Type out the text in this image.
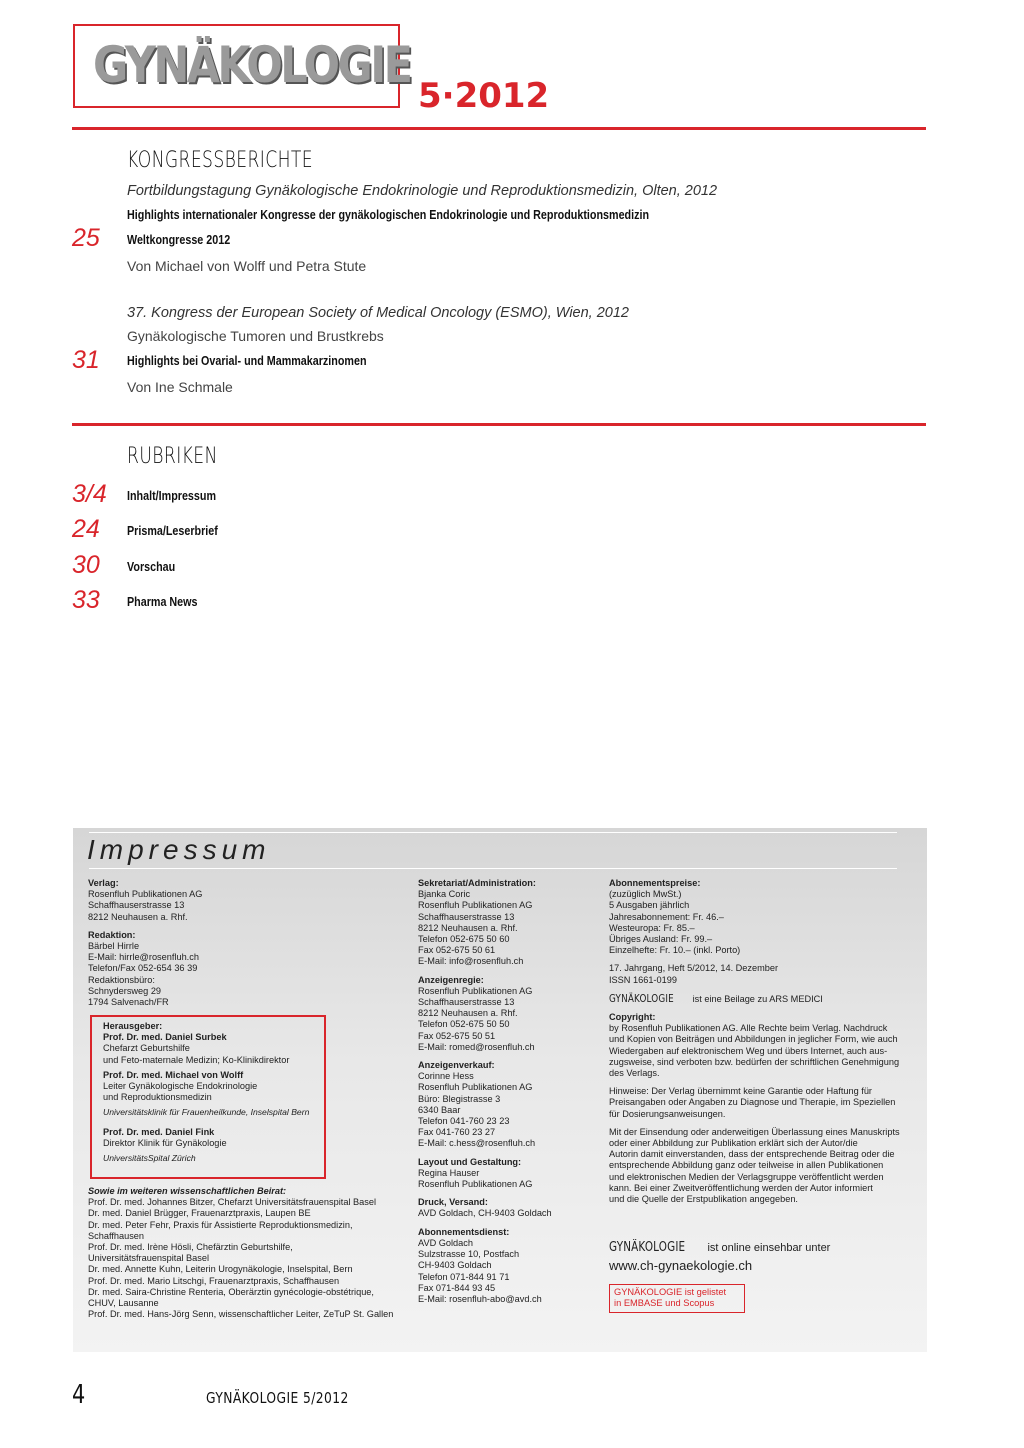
GYNÄKOLOGIE
5·2012
KONGRESSBERICHTE
Fortbildungstagung Gynäkologische Endokrinologie und Reproduktionsmedizin, Olten, 2012
Highlights internationaler Kongresse der gynäkologischen Endokrinologie und Reproduktionsmedizin
25	Weltkongresse 2012
Von Michael von Wolff und Petra Stute
37. Kongress der European Society of Medical Oncology (ESMO), Wien, 2012
Gynäkologische Tumoren und Brustkrebs
31	Highlights bei Ovarial- und Mammakarzinomen
Von Ine Schmale
RUBRIKEN
3/4	Inhalt/Impressum
24	Prisma/Leserbrief
30	Vorschau
33	Pharma News
Impressum
Verlag:
Rosenfluh Publikationen AG
Schaffhauserstrasse 13
8212 Neuhausen a. Rhf.
Redaktion:
Bärbel Hirrle
E-Mail: hirrle@rosenfluh.ch
Telefon/Fax 052-654 36 39
Redaktionsbüro:
Schnydersweg 29
1794 Salvenach/FR
Herausgeber:
Prof. Dr. med. Daniel Surbek
Chefarzt Geburtshilfe
und Feto-maternale Medizin; Ko-Klinikdirektor
Prof. Dr. med. Michael von Wolff
Leiter Gynäkologische Endokrinologie
und Reproduktionsmedizin
Universitätsklinik für Frauenheilkunde, Inselspital Bern
Prof. Dr. med. Daniel Fink
Direktor Klinik für Gynäkologie
UniversitätsSpital Zürich
Sowie im weiteren wissenschaftlichen Beirat:
Prof. Dr. med. Johannes Bitzer, Chefarzt Universitätsfrauenspital Basel
Dr. med. Daniel Brügger, Frauenarztpraxis, Laupen BE
Dr. med. Peter Fehr, Praxis für Assistierte Reproduktionsmedizin,
Schaffhausen
Prof. Dr. med. Irène Hösli, Chefärztin Geburtshilfe,
Universitätsfrauenspital Basel
Dr. med. Annette Kuhn, Leiterin Urogynäkologie, Inselspital, Bern
Prof. Dr. med. Mario Litschgi, Frauenarztpraxis, Schaffhausen
Dr. med. Saira-Christine Renteria, Oberärztin gynécologie-obstétrique,
CHUV, Lausanne
Prof. Dr. med. Hans-Jörg Senn, wissenschaftlicher Leiter, ZeTuP St. Gallen
Sekretariat/Administration:
Bjanka Coric
Rosenfluh Publikationen AG
Schaffhauserstrasse 13
8212 Neuhausen a. Rhf.
Telefon 052-675 50 60
Fax 052-675 50 61
E-Mail: info@rosenfluh.ch
Anzeigenregie:
Rosenfluh Publikationen AG
Schaffhauserstrasse 13
8212 Neuhausen a. Rhf.
Telefon 052-675 50 50
Fax 052-675 50 51
E-Mail: romed@rosenfluh.ch
Anzeigenverkauf:
Corinne Hess
Rosenfluh Publikationen AG
Büro: Blegistrasse 3
6340 Baar
Telefon 041-760 23 23
Fax 041-760 23 27
E-Mail: c.hess@rosenfluh.ch
Layout und Gestaltung:
Regina Hauser
Rosenfluh Publikationen AG
Druck, Versand:
AVD Goldach, CH-9403 Goldach
Abonnementsdienst:
AVD Goldach
Sulzstrasse 10, Postfach
CH-9403 Goldach
Telefon 071-844 91 71
Fax 071-844 93 45
E-Mail: rosenfluh-abo@avd.ch
Abonnementspreise:
(zuzüglich MwSt.)
5 Ausgaben jährlich
Jahresabonnement: Fr. 46.–
Westeuropa: Fr. 85.–
Übriges Ausland: Fr. 99.–
Einzelhefte: Fr. 10.– (inkl. Porto)
17. Jahrgang, Heft 5/2012, 14. Dezember
ISSN 1661-0199
GYNÄKOLOGIE ist eine Beilage zu ARS MEDICI
Copyright:
by Rosenfluh Publikationen AG. Alle Rechte beim Verlag. Nachdruck
und Kopien von Beiträgen und Abbildungen in jeglicher Form, wie auch
Wiedergaben auf elektronischem Weg und übers Internet, auch aus-
zugsweise, sind verboten bzw. bedürfen der schriftlichen Genehmigung
des Verlags.
Hinweise: Der Verlag übernimmt keine Garantie oder Haftung für
Preisangaben oder Angaben zu Diagnose und Therapie, im Speziellen
für Dosierungsanweisungen.
Mit der Einsendung oder anderweitigen Überlassung eines Manuskripts
oder einer Abbildung zur Publikation erklärt sich der Autor/die
Autorin damit einverstanden, dass der entsprechende Beitrag oder die
entsprechende Abbildung ganz oder teilweise in allen Publikationen
und elektronischen Medien der Verlagsgruppe veröffentlicht werden
kann. Bei einer Zweitveröffentlichung werden der Autor informiert
und die Quelle der Erstpublikation angegeben.
GYNÄKOLOGIE ist online einsehbar unter
www.ch-gynaekologie.ch
GYNÄKOLOGIE ist gelistet
in EMBASE und Scopus
4	GYNÄKOLOGIE 5/2012
